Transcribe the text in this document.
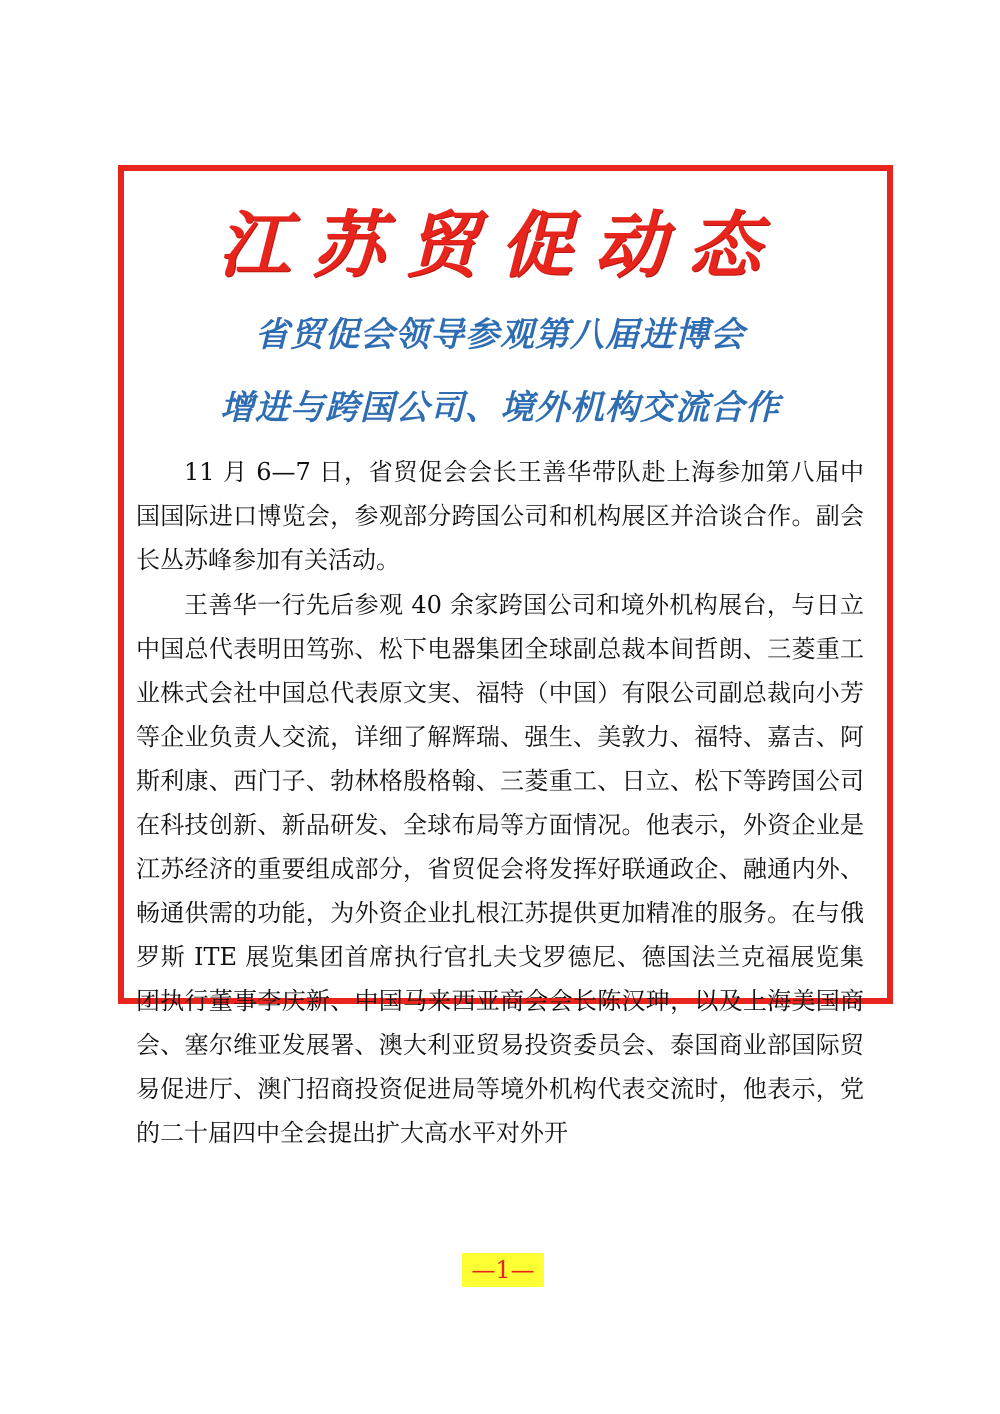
江苏贸促动态
省贸促会领导参观第八届进博会
增进与跨国公司、境外机构交流合作

11 月 6—7 日，省贸促会会长王善华带队赴上海参加第八届中国国际进口博览会，参观部分跨国公司和机构展区并洽谈合作。副会长丛苏峰参加有关活动。

王善华一行先后参观 40 余家跨国公司和境外机构展台，与日立中国总代表明田笃弥、松下电器集团全球副总裁本间哲朗、三菱重工业株式会社中国总代表原文実、福特（中国）有限公司副总裁向小芳等企业负责人交流，详细了解辉瑞、强生、美敦力、福特、嘉吉、阿斯利康、西门子、勃林格殷格翰、三菱重工、日立、松下等跨国公司在科技创新、新品研发、全球布局等方面情况。他表示，外资企业是江苏经济的重要组成部分，省贸促会将发挥好联通政企、融通内外、畅通供需的功能，为外资企业扎根江苏提供更加精准的服务。在与俄罗斯 ITE 展览集团首席执行官扎夫戈罗德尼、德国法兰克福展览集团执行董事李庆新、中国马来西亚商会会长陈汉珅，以及上海美国商会、塞尔维亚发展署、澳大利亚贸易投资委员会、泰国商业部国际贸易促进厅、澳门招商投资促进局等境外机构代表交流时，他表示，党的二十届四中全会提出扩大高水平对外开

—1—
